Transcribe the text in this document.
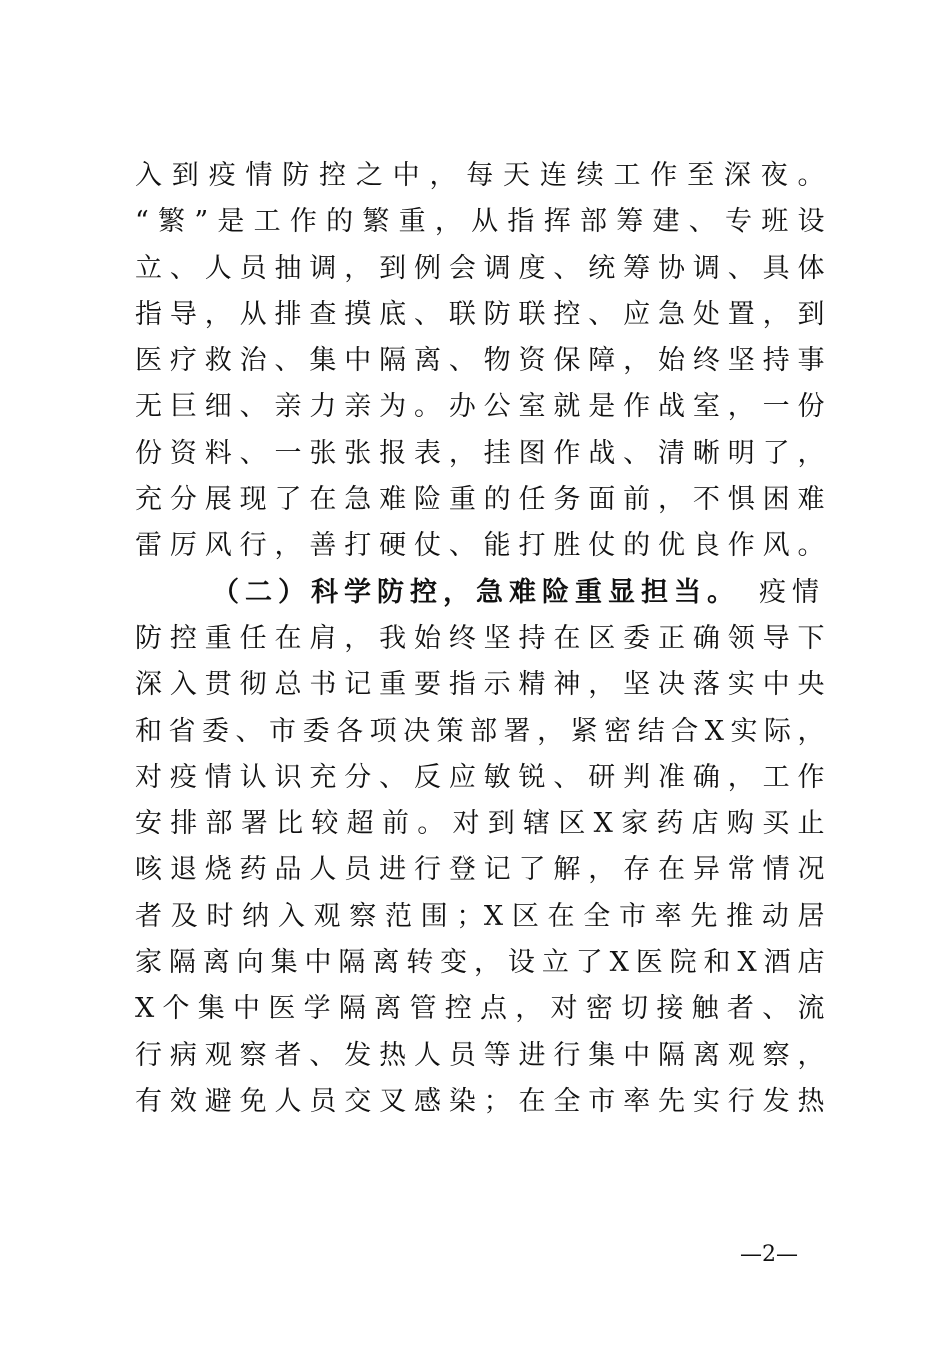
入到疫情防控之中，每天连续工作至深夜。
“繁”是工作的繁重，从指挥部筹建、专班设
立、人员抽调，到例会调度、统筹协调、具体
指导，从排查摸底、联防联控、应急处置，到
医疗救治、集中隔离、物资保障，始终坚持事
无巨细、亲力亲为。办公室就是作战室，一份
份资料、一张张报表，挂图作战、清晰明了，
充分展现了在急难险重的任务面前，不惧困难
雷厉风行，善打硬仗、能打胜仗的优良作风。
（二）科学防控，急难险重显担当。 疫情
防控重任在肩，我始终坚持在区委正确领导下
深入贯彻总书记重要指示精神，坚决落实中央
和省委、市委各项决策部署，紧密结合X实际，
对疫情认识充分、反应敏锐、研判准确，工作
安排部署比较超前。对到辖区X家药店购买止
咳退烧药品人员进行登记了解，存在异常情况
者及时纳入观察范围；X区在全市率先推动居
家隔离向集中隔离转变，设立了X医院和X酒店
X个集中医学隔离管控点，对密切接触者、流
行病观察者、发热人员等进行集中隔离观察，
有效避免人员交叉感染；在全市率先实行发热
—2—
